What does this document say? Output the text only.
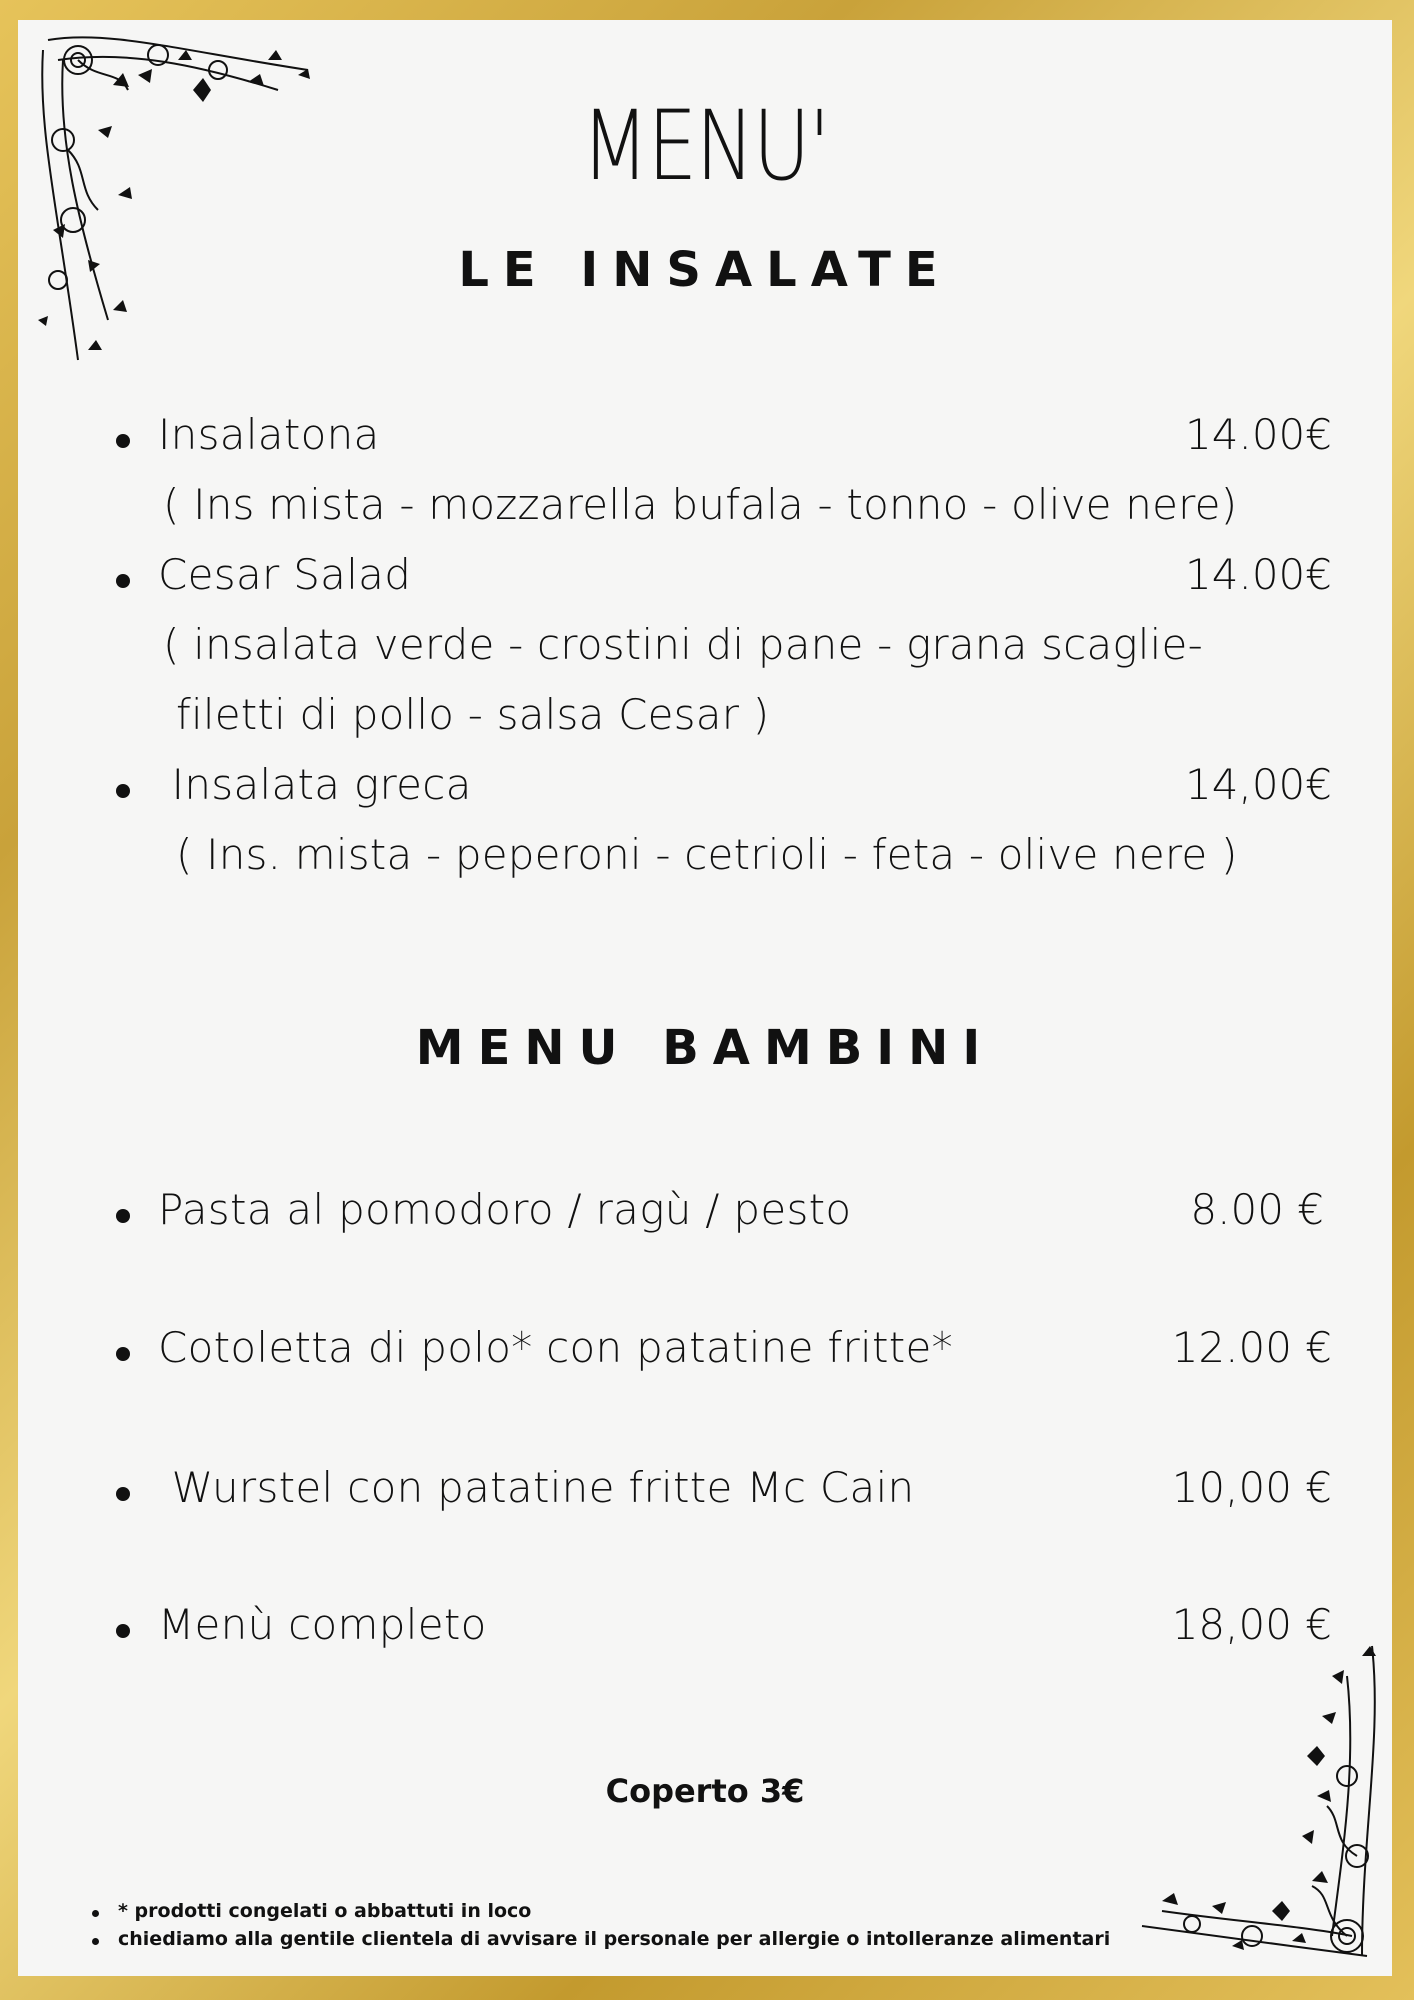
MENU'
LE INSALATE
Insalatona	14.00€
( Ins mista - mozzarella bufala - tonno - olive nere)
Cesar Salad	14.00€
( insalata verde - crostini di pane - grana scaglie-
filetti di pollo - salsa Cesar )
Insalata greca	14,00€
( Ins. mista - peperoni - cetrioli - feta - olive nere )
MENU BAMBINI
Pasta al pomodoro / ragù / pesto	8.00 €
Cotoletta di polo* con patatine fritte*	12.00 €
Wurstel con patatine fritte Mc Cain	10,00 €
Menù completo	18,00 €
Coperto 3€
* prodotti congelati o abbattuti in loco
chiediamo alla gentile clientela di avvisare il personale per allergie o intolleranze alimentari
